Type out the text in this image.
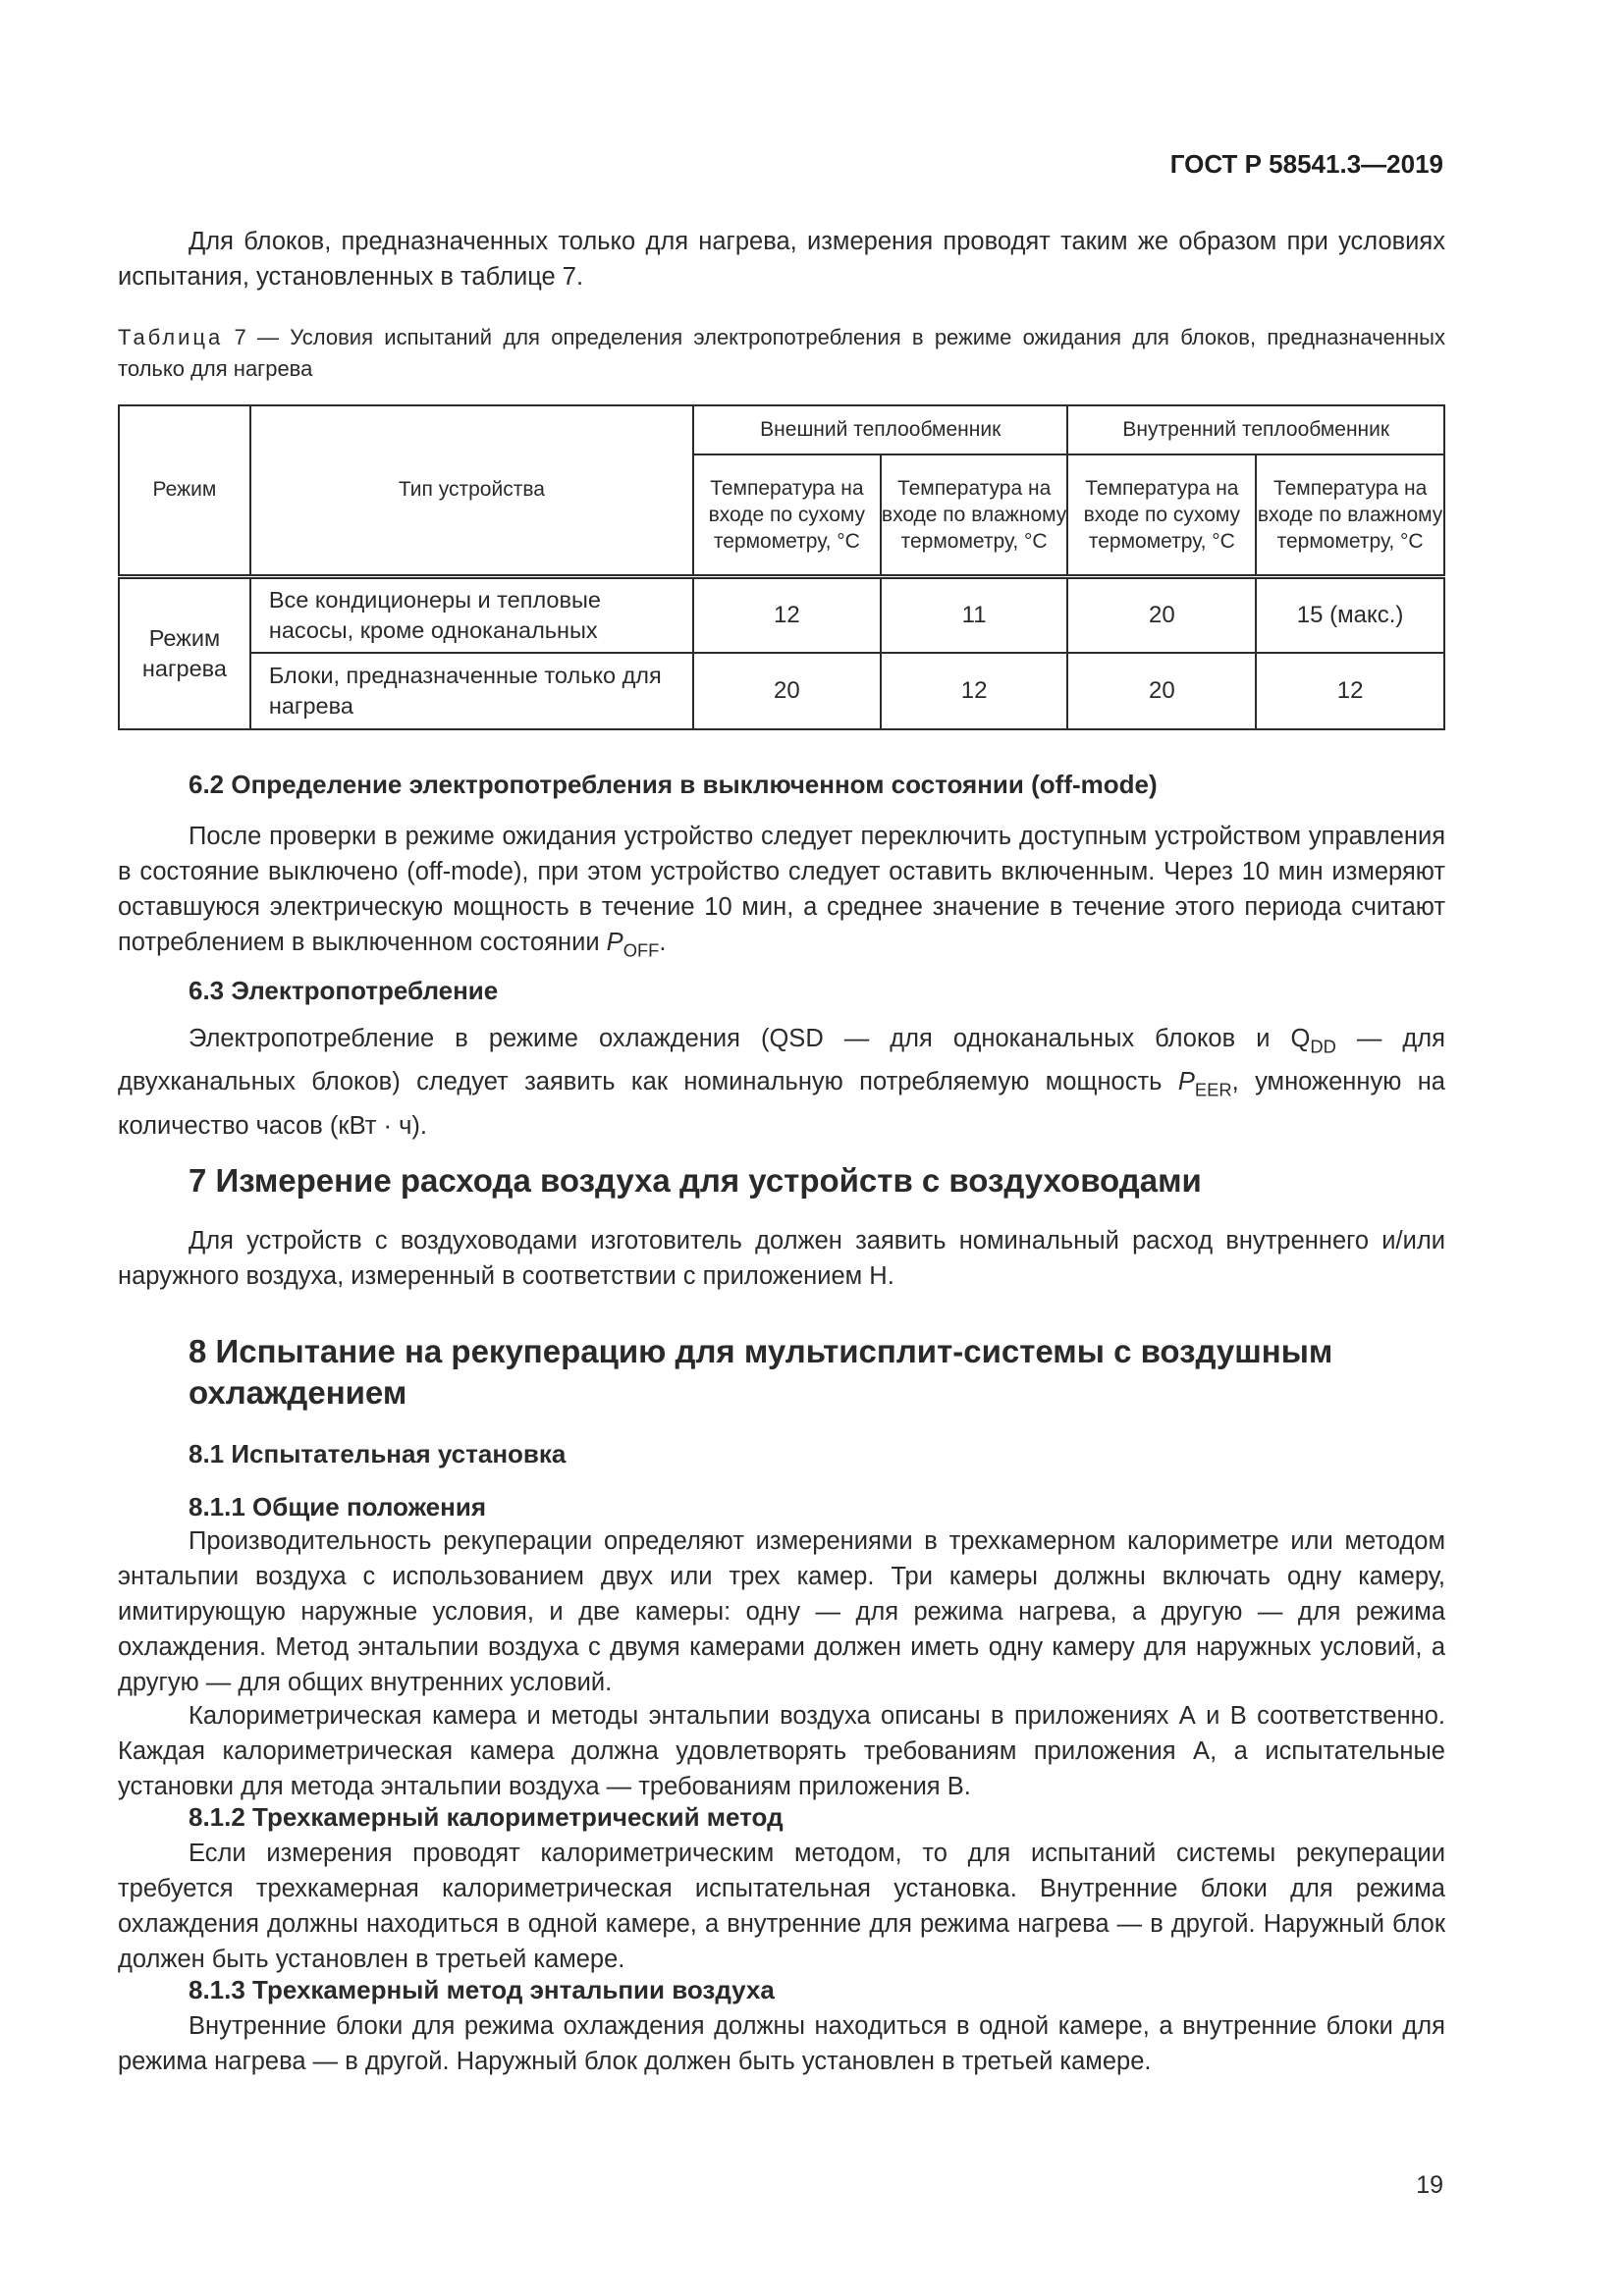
ГОСТ Р 58541.3—2019

Для блоков, предназначенных только для нагрева, измерения проводят таким же образом при условиях испытания, установленных в таблице 7.

Таблица 7 — Условия испытаний для определения электропотребления в режиме ожидания для блоков, предназначенных только для нагрева

Режим	Тип устройства	Внешний теплообменник		Внутренний теплообменник	
		Температура на входе по сухому термометру, °С	Температура на входе по влажному термометру, °С	Температура на входе по сухому термометру, °С	Температура на входе по влажному термометру, °С
Режим нагрева	Все кондиционеры и тепловые насосы, кроме одноканальных	12	11	20	15 (макс.)
	Блоки, предназначенные только для нагрева	20	12	20	12
6.2 Определение электропотребления в выключенном состоянии (off-mode)

После проверки в режиме ожидания устройство следует переключить доступным устройством управления в состояние выключено (off-mode), при этом устройство следует оставить включенным. Через 10 мин измеряют оставшуюся электрическую мощность в течение 10 мин, а среднее значение в течение этого периода считают потреблением в выключенном состоянии $P_{OFF}$.

6.3 Электропотребление

Электропотребление в режиме охлаждения (QSD — для одноканальных блоков и $Q_{DD}$ — для двухканальных блоков) следует заявить как номинальную потребляемую мощность $P_{EER}$, умноженную на количество часов (кВт · ч).

7 Измерение расхода воздуха для устройств с воздуховодами

Для устройств с воздуховодами изготовитель должен заявить номинальный расход внутреннего и/или наружного воздуха, измеренный в соответствии с приложением Н.

8 Испытание на рекуперацию для мультисплит-системы с воздушным охлаждением
8.1 Испытательная установка
8.1.1 Общие положения

Производительность рекуперации определяют измерениями в трехкамерном калориметре или методом энтальпии воздуха с использованием двух или трех камер. Три камеры должны включать одну камеру, имитирующую наружные условия, и две камеры: одну — для режима нагрева, а другую — для режима охлаждения. Метод энтальпии воздуха с двумя камерами должен иметь одну камеру для наружных условий, а другую — для общих внутренних условий.

Калориметрическая камера и методы энтальпии воздуха описаны в приложениях А и В соответственно. Каждая калориметрическая камера должна удовлетворять требованиям приложения А, а испытательные установки для метода энтальпии воздуха — требованиям приложения В.

8.1.2 Трехкамерный калориметрический метод

Если измерения проводят калориметрическим методом, то для испытаний системы рекуперации требуется трехкамерная калориметрическая испытательная установка. Внутренние блоки для режима охлаждения должны находиться в одной камере, а внутренние для режима нагрева — в другой. Наружный блок должен быть установлен в третьей камере.

8.1.3 Трехкамерный метод энтальпии воздуха

Внутренние блоки для режима охлаждения должны находиться в одной камере, а внутренние блоки для режима нагрева — в другой. Наружный блок должен быть установлен в третьей камере.

19
